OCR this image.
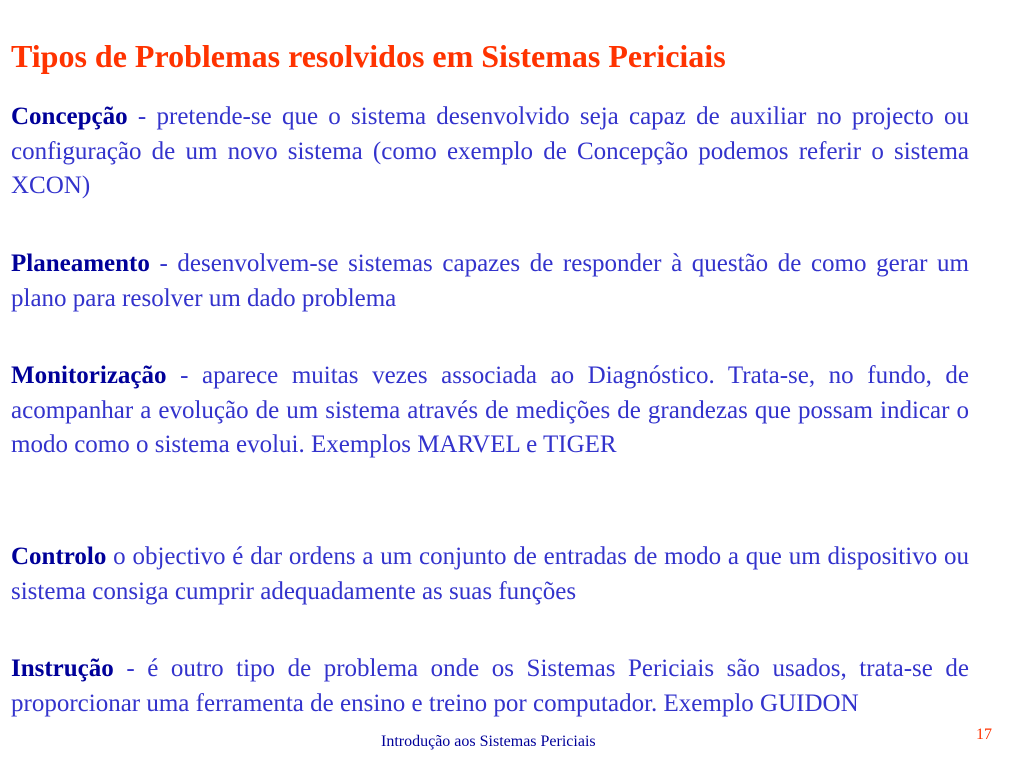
Tipos de Problemas resolvidos em Sistemas Periciais

Concepção - pretende-se que o sistema desenvolvido seja capaz de auxiliar no projecto ou configuração de um novo sistema (como exemplo de Concepção podemos referir o sistema XCON)

Planeamento - desenvolvem-se sistemas capazes de responder à questão de como gerar um plano para resolver um dado problema

Monitorização - aparece muitas vezes associada ao Diagnóstico. Trata-se, no fundo, de acompanhar a evolução de um sistema através de medições de grandezas que possam indicar o modo como o sistema evolui. Exemplos MARVEL e TIGER

Controlo o objectivo é dar ordens a um conjunto de entradas de modo a que um dispositivo ou sistema consiga cumprir adequadamente as suas funções

Instrução - é outro tipo de problema onde os Sistemas Periciais são usados, trata-se de proporcionar uma ferramenta de ensino e treino por computador. Exemplo GUIDON

Introdução aos Sistemas Periciais	17
